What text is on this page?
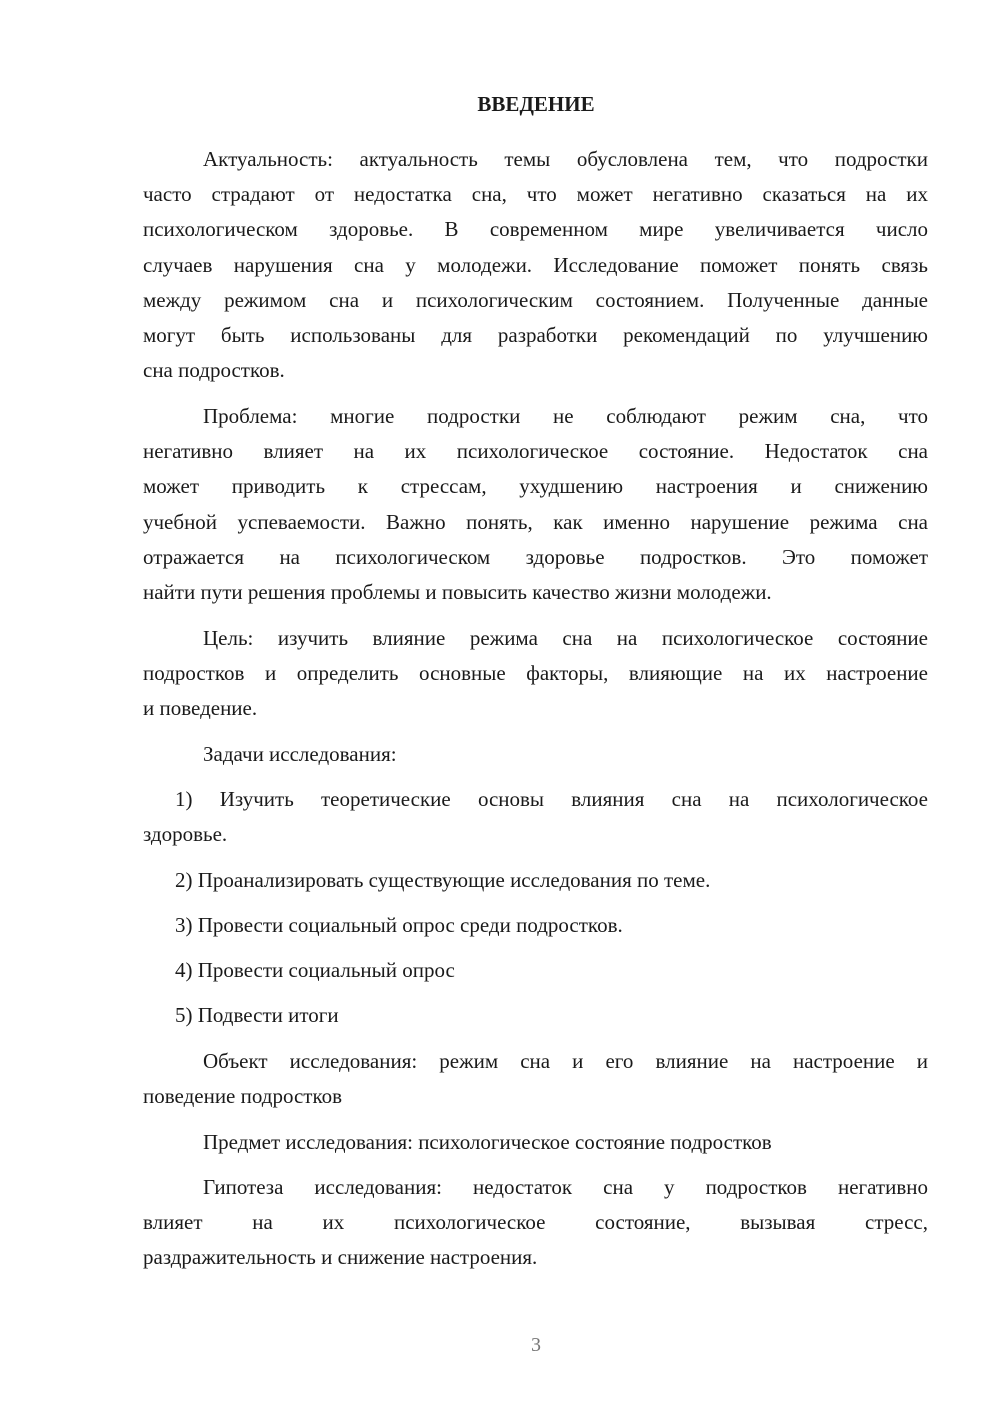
ВВЕДЕНИЕ
Актуальность: актуальность темы обусловлена тем, что подростки
часто страдают от недостатка сна, что может негативно сказаться на их
психологическом здоровье. В современном мире увеличивается число
случаев нарушения сна у молодежи. Исследование поможет понять связь
между режимом сна и психологическим состоянием. Полученные данные
могут быть использованы для разработки рекомендаций по улучшению
сна подростков.
Проблема: многие подростки не соблюдают режим сна, что
негативно влияет на их психологическое состояние. Недостаток сна
может приводить к стрессам, ухудшению настроения и снижению
учебной успеваемости. Важно понять, как именно нарушение режима сна
отражается на психологическом здоровье подростков. Это поможет
найти пути решения проблемы и повысить качество жизни молодежи.
Цель: изучить влияние режима сна на психологическое состояние
подростков и определить основные факторы, влияющие на их настроение
и поведение.
Задачи исследования:
1) Изучить теоретические основы влияния сна на психологическое
здоровье.
2) Проанализировать существующие исследования по теме.
3) Провести социальный опрос среди подростков.
4) Провести социальный опрос
5) Подвести итоги
Объект исследования: режим сна и его влияние на настроение и
поведение подростков
Предмет исследования: психологическое состояние подростков
Гипотеза исследования: недостаток сна у подростков негативно
влияет на их психологическое состояние, вызывая стресс,
раздражительность и снижение настроения.
3
